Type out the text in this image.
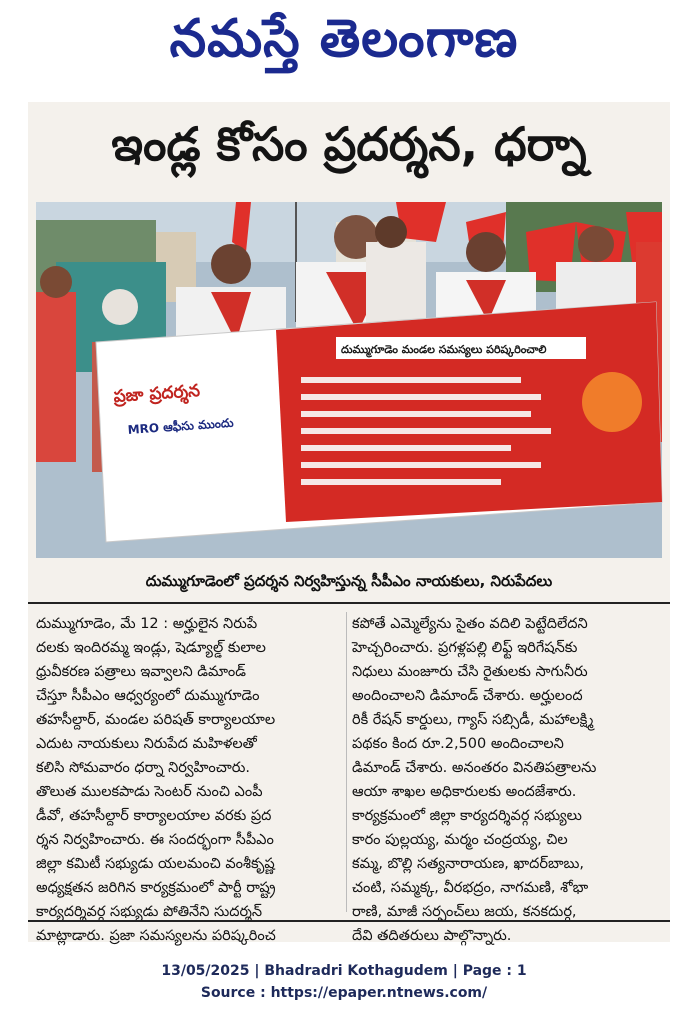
నమస్తే తెలంగాణ
ఇండ్ల కోసం ప్రదర్శన, ధర్నా
దుమ్ముగూడెం మండల సమస్యలు పరిష్కరించాలి
ప్రజా ప్రదర్శన
MRO ఆఫీసు ముందు
దుమ్ముగూడెంలో ప్రదర్శన నిర్వహిస్తున్న సీపీఎం నాయకులు, నిరుపేదలు

దుమ్ముగూడెం, మే 12 : అర్హులైన నిరుపే

దలకు ఇందిరమ్మ ఇండ్లు, షెడ్యూల్డ్ కులాల

ధ్రువీకరణ పత్రాలు ఇవ్వాలని డిమాండ్

చేస్తూ సీపీఎం ఆధ్వర్యంలో దుమ్ముగూడెం

తహసీల్దార్, మండల పరిషత్ కార్యాలయాల

ఎదుట నాయకులు నిరుపేద మహిళలతో

కలిసి సోమవారం ధర్నా నిర్వహించారు.

తొలుత ములకపాడు సెంటర్ నుంచి ఎంపీ

డీవో, తహసీల్దార్ కార్యాలయాల వరకు ప్రద

ర్శన నిర్వహించారు. ఈ సందర్భంగా సీపీఎం

జిల్లా కమిటీ సభ్యుడు యలమంచి వంశీకృష్ణ

అధ్యక్షతన జరిగిన కార్యక్రమంలో పార్టీ రాష్ట్ర

కార్యదర్శివర్గ సభ్యుడు పోతినేని సుదర్శన్

మాట్లాడారు. ప్రజా సమస్యలను పరిష్కరించ

కపోతే ఎమ్మెల్యేను సైతం వదిలి పెట్టేదిలేదని

హెచ్చరించారు. ప్రగళ్లపల్లి లిఫ్ట్ ఇరిగేషన్‌కు

నిధులు మంజూరు చేసి రైతులకు సాగునీరు

అందించాలని డిమాండ్ చేశారు. అర్హులంద

రికీ రేషన్ కార్డులు, గ్యాస్ సబ్సిడీ, మహాలక్ష్మి

పథకం కింద రూ.2,500 అందించాలని

డిమాండ్ చేశారు. అనంతరం వినతిపత్రాలను

ఆయా శాఖల అధికారులకు అందజేశారు.

కార్యక్రమంలో జిల్లా కార్యదర్శివర్గ సభ్యులు

కారం పుల్లయ్య, మర్మం చంద్రయ్య, చిల

కమ్మ, బొల్లి సత్యనారాయణ, ఖాదర్‌బాబు,

చంటి, సమ్మక్క, వీరభద్రం, నాగమణి, శోభా

రాణి, మాజీ సర్పంచ్‌లు జయ, కనకదుర్గ,

దేవి తదితరులు పాల్గొన్నారు.

13/05/2025 | Bhadradri Kothagudem | Page : 1
Source : https://epaper.ntnews.com/
